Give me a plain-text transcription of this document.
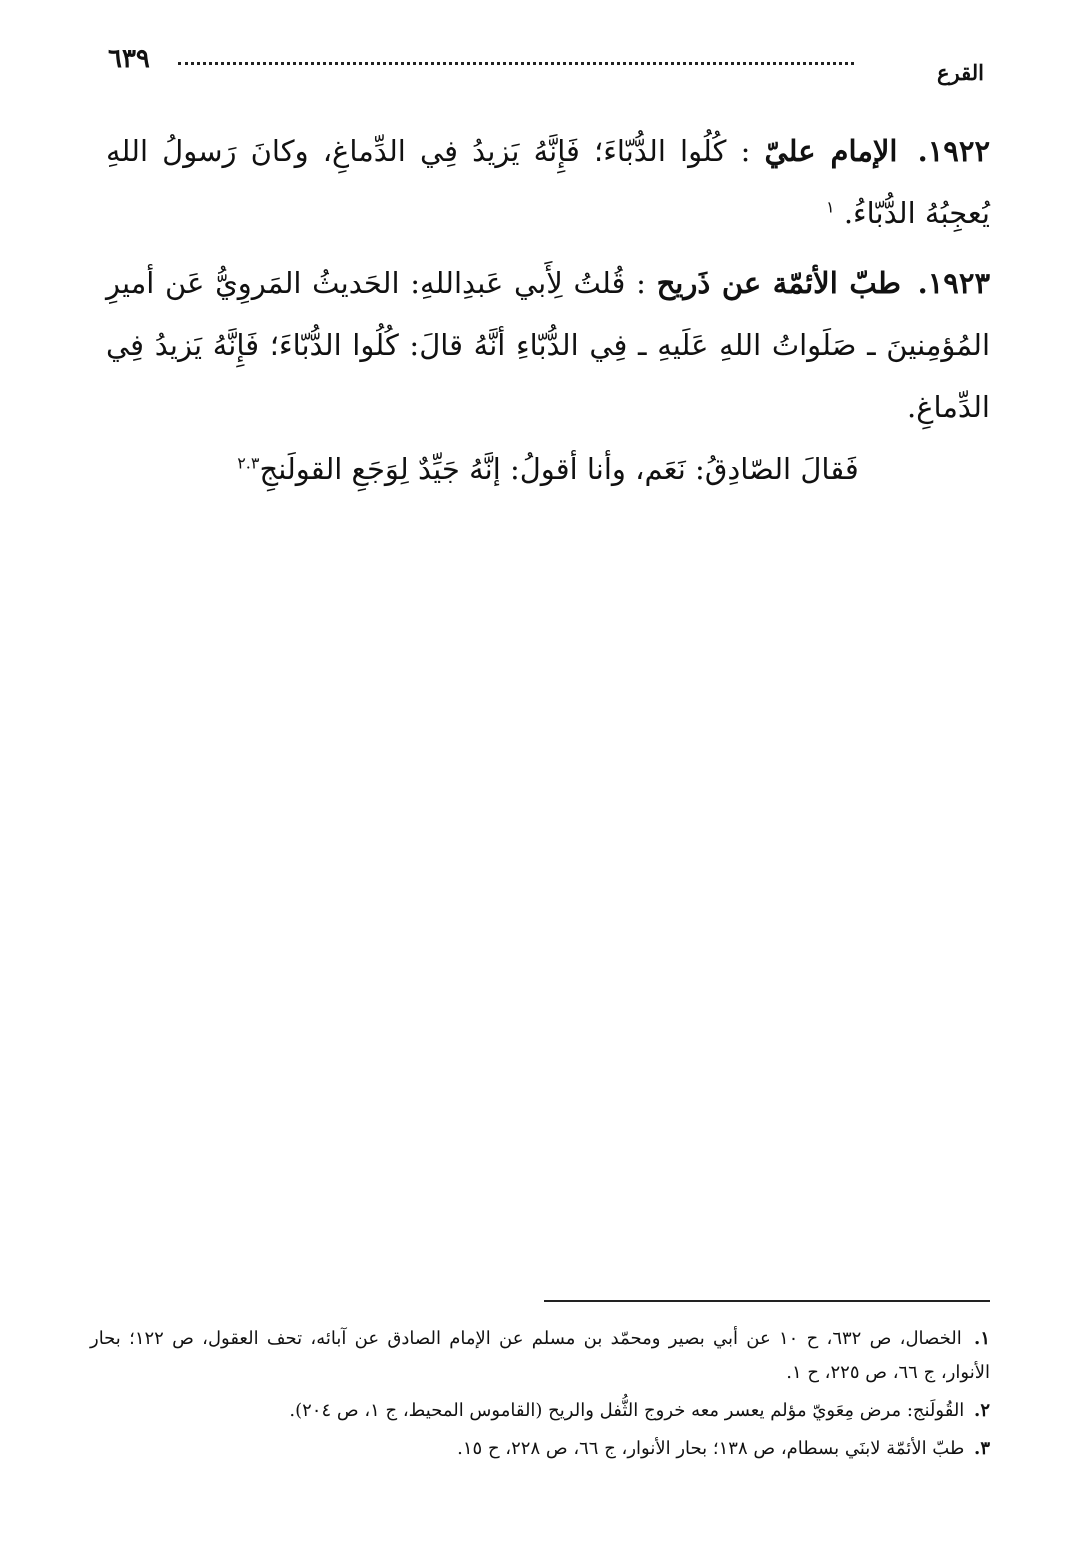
٦٣٩	القرع

١٩٢٢. الإمام عليّ : كُلُوا الدُّبّاءَ؛ فَإِنَّهُ يَزيدُ فِي الدِّماغِ، وكانَ رَسولُ اللهِ يُعجِبُهُ الدُّبّاءُ. $^١$

١٩٢٣. طبّ الأئمّة عن ذَريح : قُلتُ لِأَبي عَبدِاللهِ: الحَديثُ المَروِيُّ عَن أميرِ المُؤمِنينَ ـ صَلَواتُ اللهِ عَلَيهِ ـ فِي الدُّبّاءِ أنَّهُ قالَ: كُلُوا الدُّبّاءَ؛ فَإِنَّهُ يَزيدُ فِي الدِّماغِ.
فَقالَ الصّادِقُ: نَعَم، وأنا أقولُ: إنَّهُ جَيِّدٌ لِوَجَعِ القولَنجِ$^{٢.٣}$

١. الخصال، ص ٦٣٢، ح ١٠ عن أبي بصير ومحمّد بن مسلم عن الإمام الصادق عن آبائه، تحف العقول، ص ١٢٢؛ بحار الأنوار، ج ٦٦، ص ٢٢٥، ح ١.

٢. القُولَنج: مرض مِعَويّ مؤلم يعسر معه خروج الثُّفل والريح (القاموس المحيط، ج ١، ص ٢٠٤).

٣. طبّ الأئمّة لابنَي بسطام، ص ١٣٨؛ بحار الأنوار، ج ٦٦، ص ٢٢٨، ح ١٥.
